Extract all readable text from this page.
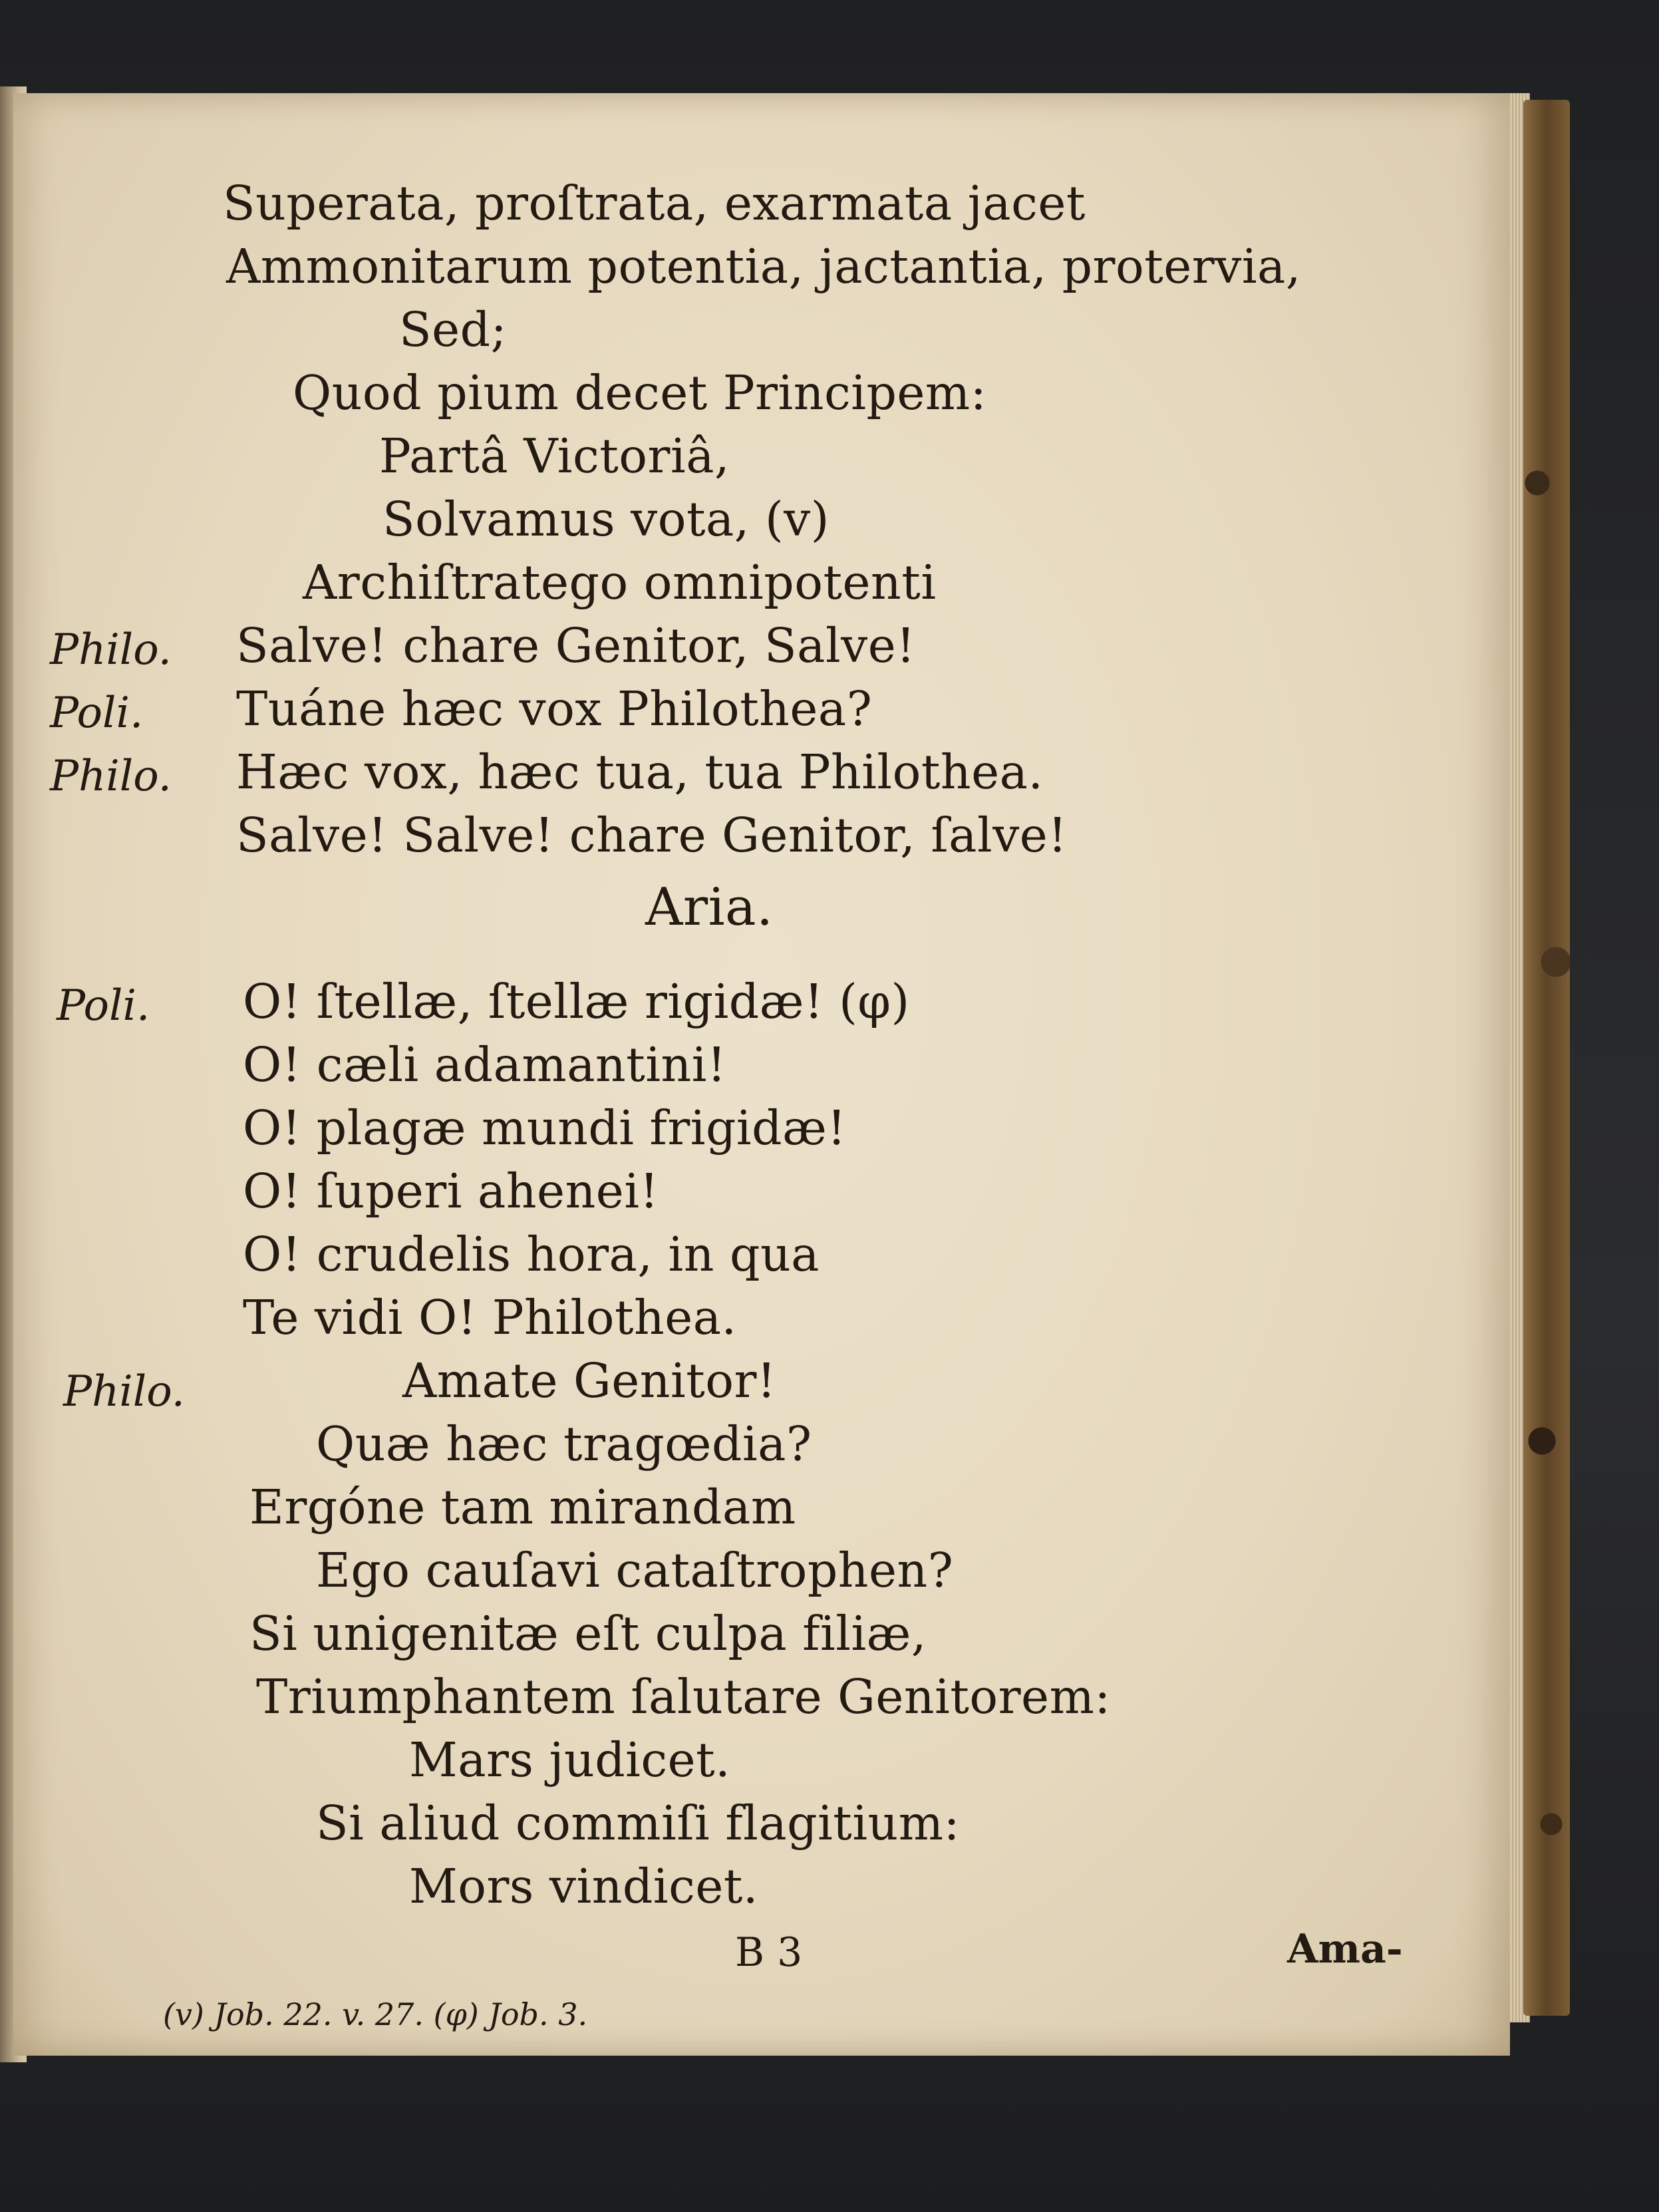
Superata, proſtrata, exarmata jacet
Ammonitarum potentia, jactantia, protervia,
Sed;
Quod pium decet Principem:
Partâ Victoriâ,
Solvamus vota, (v)
Archiſtratego omnipotenti
Philo. Salve! chare Genitor, Salve!
Poli. Tuáne hæc vox Philothea?
Philo. Hæc vox, hæc tua, tua Philothea.
Salve! Salve! chare Genitor, ſalve!
Aria.
Poli. O! ſtellæ, ſtellæ rigidæ! (φ)
O! cæli adamantini!
O! plagæ mundi frigidæ!
O! ſuperi ahenei!
O! crudelis hora, in qua
Te vidi O! Philothea.
Philo.	Amate Genitor!
Quæ hæc tragœdia?
Ergóne tam mirandam
Ego cauſavi cataſtrophen?
Si unigenitæ eſt culpa filiæ,
Triumphantem ſalutare Genitorem:
Mars judicet.
Si aliud commiſi flagitium:
Mors vindicet.
B 3	Ama-
(v) Job. 22. v. 27. (φ) Job. 3.
